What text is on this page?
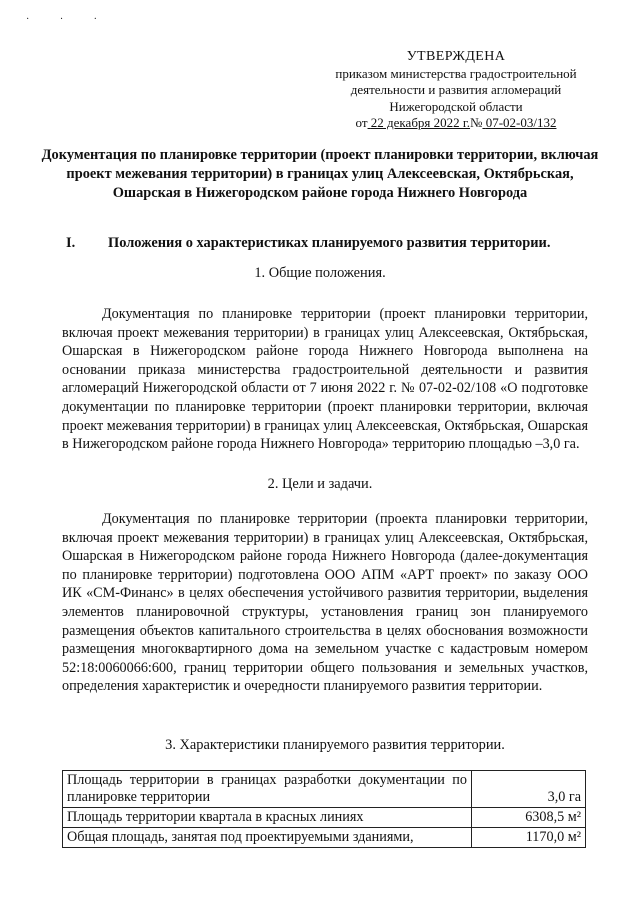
· · ·
УТВЕРЖДЕНА
приказом министерства градостроительной
деятельности и развития агломераций
Нижегородской области
от 22 декабря 2022 г.№ 07-02-03/132
Документация по планировке территории (проект планировки территории, включая проект межевания территории) в границах улиц Алексеевская, Октябрьская, Ошарская в Нижегородском районе города Нижнего Новгорода
I. Положения о характеристиках планируемого развития территории.
1. Общие положения.
Документация по планировке территории (проект планировки территории, включая проект межевания территории) в границах улиц Алексеевская, Октябрьская, Ошарская в Нижегородском районе города Нижнего Новгорода выполнена на основании приказа министерства градостроительной деятельности и развития агломераций Нижегородской области от 7 июня 2022 г. № 07-02-02/108 «О подготовке документации по планировке территории (проект планировки территории, включая проект межевания территории) в границах улиц Алексеевская, Октябрьская, Ошарская в Нижегородском районе города Нижнего Новгорода» территорию площадью –3,0 га.
2. Цели и задачи.
Документация по планировке территории (проекта планировки территории, включая проект межевания территории) в границах улиц Алексеевская, Октябрьская, Ошарская в Нижегородском районе города Нижнего Новгорода (далее-документация по планировке территории) подготовлена ООО АПМ «АРТ проект» по заказу ООО ИК «СМ-Финанс» в целях обеспечения устойчивого развития территории, выделения элементов планировочной структуры, установления границ зон планируемого размещения объектов капитального строительства в целях обоснования возможности размещения многоквартирного дома на земельном участке с кадастровым номером 52:18:0060066:600, границ территории общего пользования и земельных участков, определения характеристик и очередности планируемого развития территории.
3. Характеристики планируемого развития территории.
Площадь территории в границах разработки документации по планировке территории	3,0 га
Площадь территории квартала в красных линиях	6308,5 м²
Общая площадь, занятая под проектируемыми зданиями,	1170,0 м²
